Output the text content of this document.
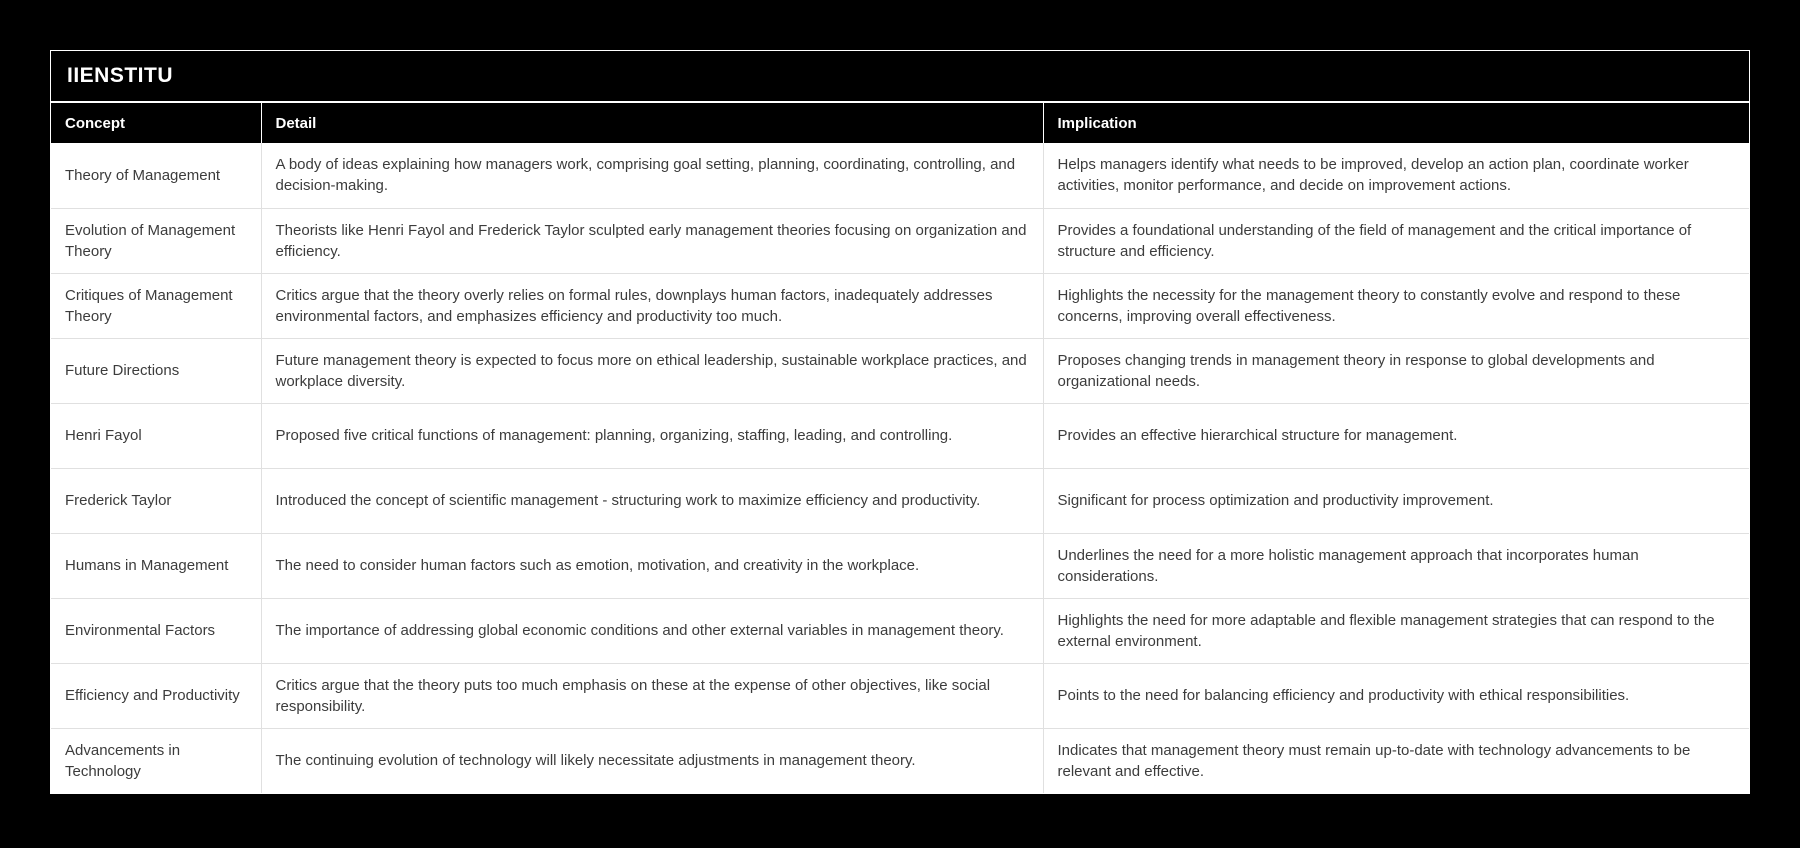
IIENSTITU
Concept	Detail	Implication
Theory of Management	A body of ideas explaining how managers work, comprising goal setting, planning, coordinating, controlling, and decision-making.	Helps managers identify what needs to be improved, develop an action plan, coordinate worker activities, monitor performance, and decide on improvement actions.
Evolution of Management Theory	Theorists like Henri Fayol and Frederick Taylor sculpted early management theories focusing on organization and efficiency.	Provides a foundational understanding of the field of management and the critical importance of structure and efficiency.
Critiques of Management Theory	Critics argue that the theory overly relies on formal rules, downplays human factors, inadequately addresses environmental factors, and emphasizes efficiency and productivity too much.	Highlights the necessity for the management theory to constantly evolve and respond to these concerns, improving overall effectiveness.
Future Directions	Future management theory is expected to focus more on ethical leadership, sustainable workplace practices, and workplace diversity.	Proposes changing trends in management theory in response to global developments and organizational needs.
Henri Fayol	Proposed five critical functions of management: planning, organizing, staffing, leading, and controlling.	Provides an effective hierarchical structure for management.
Frederick Taylor	Introduced the concept of scientific management - structuring work to maximize efficiency and productivity.	Significant for process optimization and productivity improvement.
Humans in Management	The need to consider human factors such as emotion, motivation, and creativity in the workplace.	Underlines the need for a more holistic management approach that incorporates human considerations.
Environmental Factors	The importance of addressing global economic conditions and other external variables in management theory.	Highlights the need for more adaptable and flexible management strategies that can respond to the external environment.
Efficiency and Productivity	Critics argue that the theory puts too much emphasis on these at the expense of other objectives, like social responsibility.	Points to the need for balancing efficiency and productivity with ethical responsibilities.
Advancements in Technology	The continuing evolution of technology will likely necessitate adjustments in management theory.	Indicates that management theory must remain up-to-date with technology advancements to be relevant and effective.
